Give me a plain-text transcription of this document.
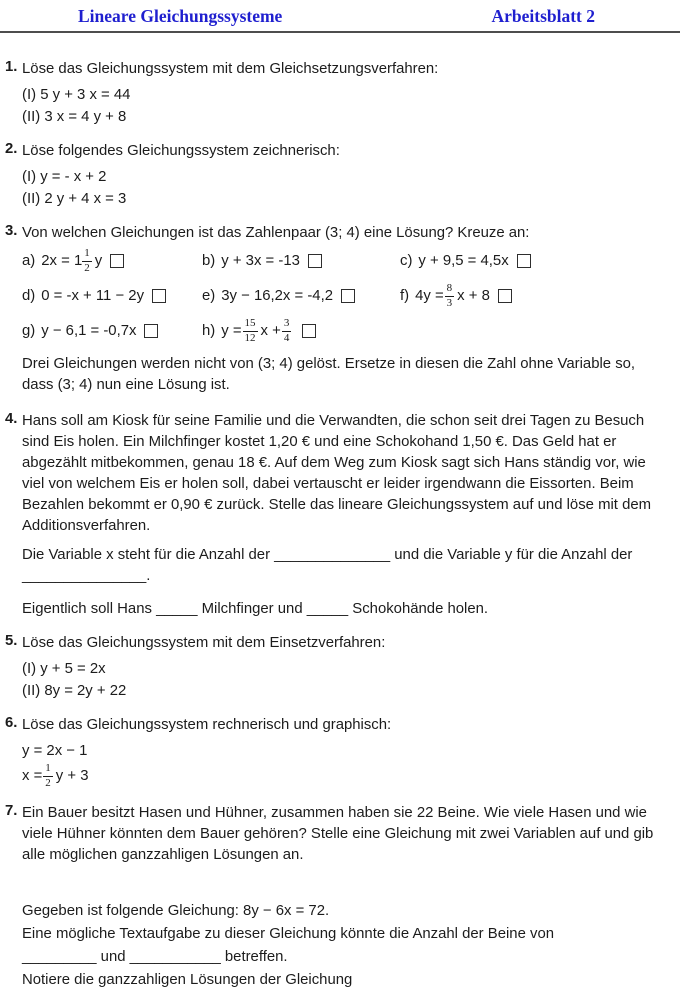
Lineare Gleichungssysteme	Arbeitsblatt 2
1. Löse das Gleichungssystem mit dem Gleichsetzungsverfahren:
(I) 5 y + 3 x = 44
(II) 3 x = 4 y + 8
2. Löse folgendes Gleichungssystem zeichnerisch:
(I) y = - x + 2
(II) 2 y + 4 x = 3
3. Von welchen Gleichungen ist das Zahlenpaar (3; 4) eine Lösung? Kreuze an:
a) $2x = 1 \frac{1}{2}$ y	b) y + 3x = -13	c) y + 9,5 = 4,5x
d) 0 = -x + 11 − 2y	e) 3y − 16,2x = -4,2	f) $4y = \frac{8}{3}$ x + 8
g) y − 6,1 = -0,7x	h) $y = \frac{15}{12}$ $x + \frac{3}{4}$

Drei Gleichungen werden nicht von (3; 4) gelöst. Ersetze in diesen die Zahl ohne Variable so, dass (3; 4) nun eine Lösung ist.

4. Hans soll am Kiosk für seine Familie und die Verwandten, die schon seit drei Tagen zu Besuch sind Eis holen. Ein Milchfinger kostet 1,20 € und eine Schokohand 1,50 €. Das Geld hat er abgezählt mitbekommen, genau 18 €. Auf dem Weg zum Kiosk sagt sich Hans ständig vor, wie viel von welchem Eis er holen soll, dabei vertauscht er leider irgendwann die Eissorten. Beim Bezahlen bekommt er 0,90 € zurück. Stelle das lineare Gleichungssystem auf und löse mit dem Additionsverfahren.

Die Variable x steht für die Anzahl der ______________ und die Variable y für die Anzahl der _______________.

Eigentlich soll Hans _____ Milchfinger und _____ Schokohände holen.

5. Löse das Gleichungssystem mit dem Einsetzverfahren:
(I) y + 5 = 2x
(II) 8y = 2y + 22
6. Löse das Gleichungssystem rechnerisch und graphisch:
y = 2x − 1
$x = \frac{1}{2}$ y + 3
7. Ein Bauer besitzt Hasen und Hühner, zusammen haben sie 22 Beine. Wie viele Hasen und wie viele Hühner könnten dem Bauer gehören? Stelle eine Gleichung mit zwei Variablen auf und gib alle möglichen ganzzahligen Lösungen an.

Gegeben ist folgende Gleichung: 8y − 6x = 72.

Eine mögliche Textaufgabe zu dieser Gleichung könnte die Anzahl der Beine von

_________ und ___________ betreffen.

Notiere die ganzzahligen Lösungen der Gleichung
